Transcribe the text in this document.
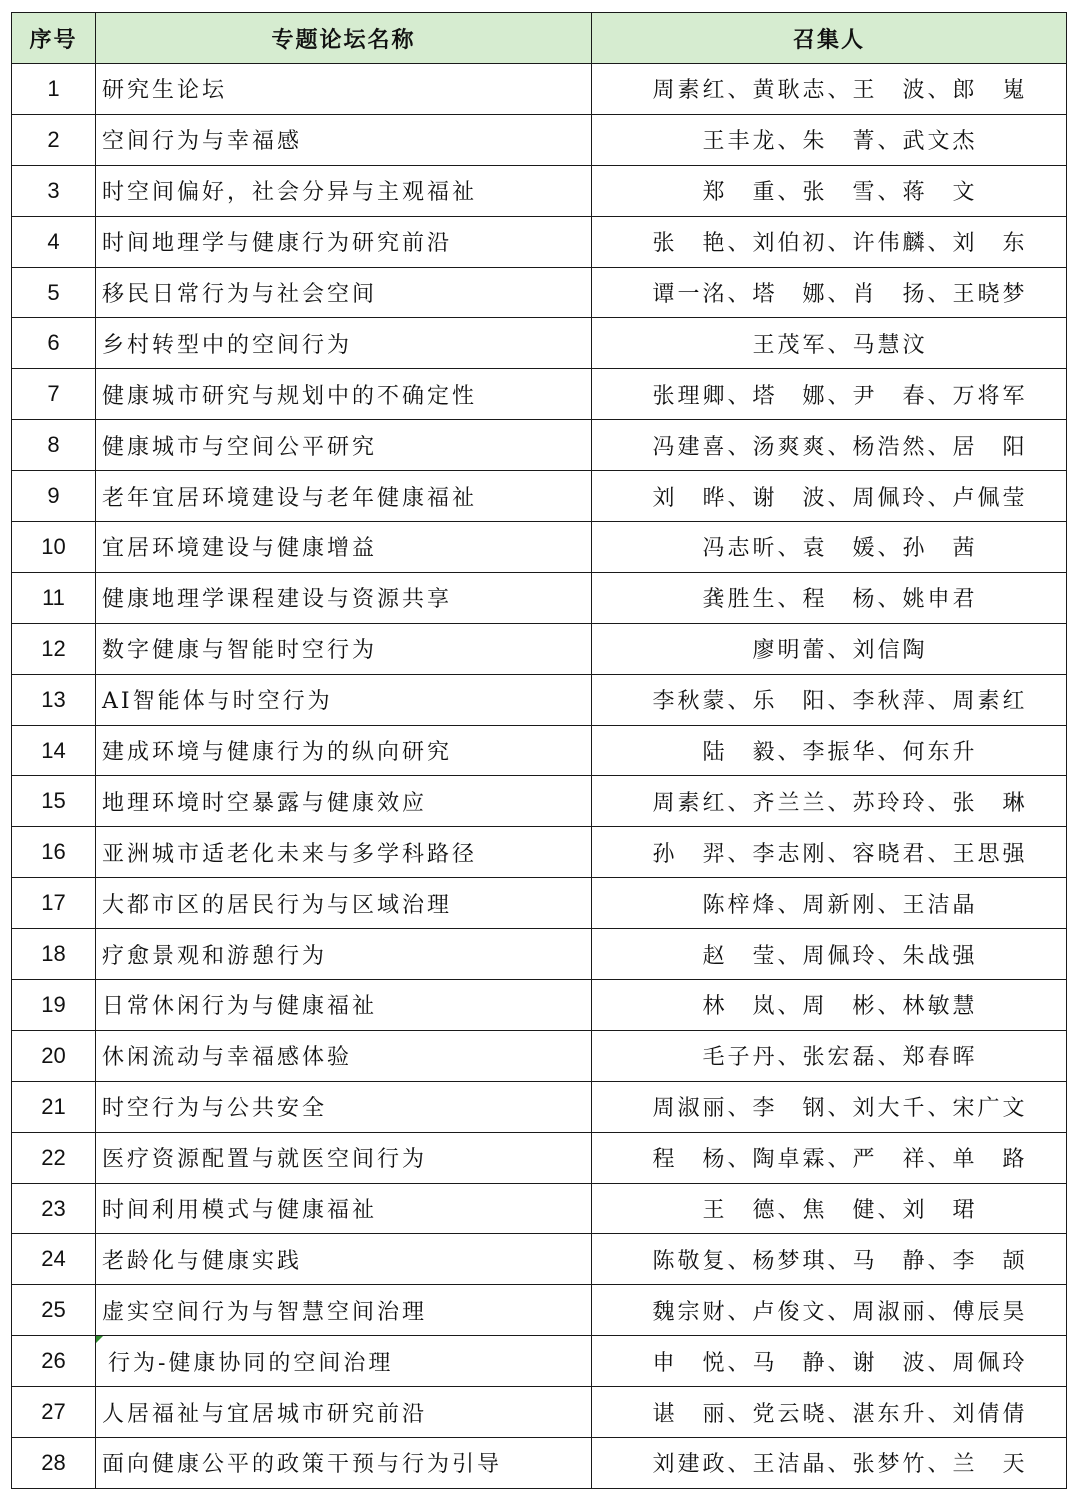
序号	专题论坛名称	召集人
1	研究生论坛	周素红、黄耿志、王　波、郎　嵬
2	空间行为与幸福感	王丰龙、朱　菁、武文杰
3	时空间偏好，社会分异与主观福祉	郑　重、张　雪、蒋　文
4	时间地理学与健康行为研究前沿	张　艳、刘伯初、许伟麟、刘　东
5	移民日常行为与社会空间	谭一洺、塔　娜、肖　扬、王晓梦
6	乡村转型中的空间行为	王茂军、马慧汶
7	健康城市研究与规划中的不确定性	张理卿、塔　娜、尹　春、万将军
8	健康城市与空间公平研究	冯建喜、汤爽爽、杨浩然、居　阳
9	老年宜居环境建设与老年健康福祉	刘　晔、谢　波、周佩玲、卢佩莹
10	宜居环境建设与健康增益	冯志昕、袁　媛、孙　茜
11	健康地理学课程建设与资源共享	龚胜生、程　杨、姚申君
12	数字健康与智能时空行为	廖明蕾、刘信陶
13	AI智能体与时空行为	李秋蒙、乐　阳、李秋萍、周素红
14	建成环境与健康行为的纵向研究	陆　毅、李振华、何东升
15	地理环境时空暴露与健康效应	周素红、齐兰兰、苏玲玲、张　琳
16	亚洲城市适老化未来与多学科路径	孙　羿、李志刚、容晓君、王思强
17	大都市区的居民行为与区域治理	陈梓烽、周新刚、王洁晶
18	疗愈景观和游憩行为	赵　莹、周佩玲、朱战强
19	日常休闲行为与健康福祉	林　岚、周　彬、林敏慧
20	休闲流动与幸福感体验	毛子丹、张宏磊、郑春晖
21	时空行为与公共安全	周淑丽、李　钢、刘大千、宋广文
22	医疗资源配置与就医空间行为	程　杨、陶卓霖、严　祥、单　路
23	时间利用模式与健康福祉	王　德、焦　健、刘　珺
24	老龄化与健康实践	陈敬复、杨梦琪、马　静、李　颉
25	虚实空间行为与智慧空间治理	魏宗财、卢俊文、周淑丽、傅辰昊
26	行为-健康协同的空间治理	申　悦、马　静、谢　波、周佩玲
27	人居福祉与宜居城市研究前沿	谌　丽、党云晓、湛东升、刘倩倩
28	面向健康公平的政策干预与行为引导	刘建政、王洁晶、张梦竹、兰　天
